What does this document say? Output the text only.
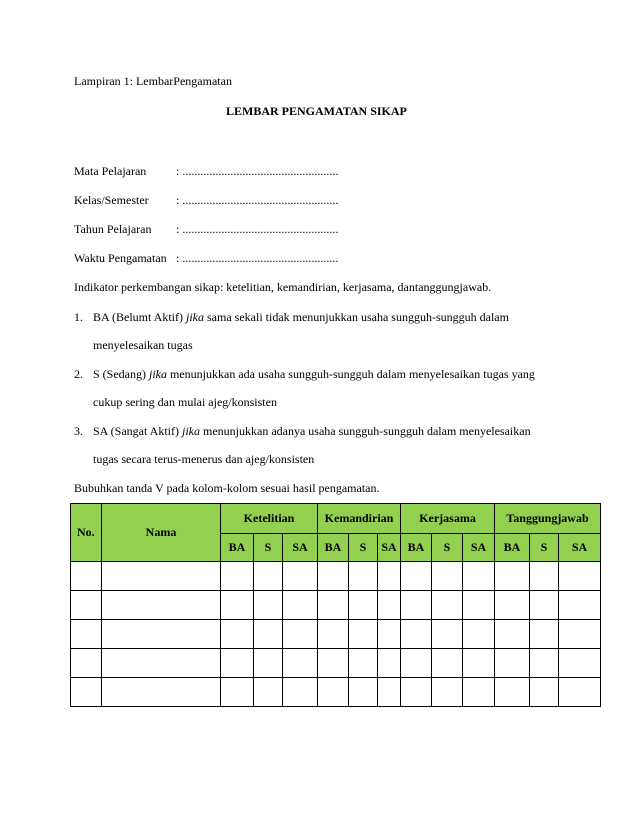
Lampiran 1: LembarPengamatan
LEMBAR PENGAMATAN SIKAP
Mata Pelajaran : ....................................................
Kelas/Semester : ....................................................
Tahun Pelajaran : ....................................................
Waktu Pengamatan : ....................................................
Indikator perkembangan sikap: ketelitian, kemandirian, kerjasama, dantanggungjawab.
1. BA (Belumt Aktif) jika sama sekali tidak menunjukkan usaha sungguh-sungguh dalam
menyelesaikan tugas
2. S (Sedang) jika menunjukkan ada usaha sungguh-sungguh dalam menyelesaikan tugas yang
cukup sering dan mulai ajeg/konsisten
3. SA (Sangat Aktif) jika menunjukkan adanya usaha sungguh-sungguh dalam menyelesaikan
tugas secara terus-menerus dan ajeg/konsisten
Bubuhkan tanda V pada kolom-kolom sesuai hasil pengamatan.
No.	Nama	Ketelitian			Kemandirian			Kerjasama			Tanggungjawab		
		BA	S	SA	BA	S	SA	BA	S	SA	BA	S	SA
